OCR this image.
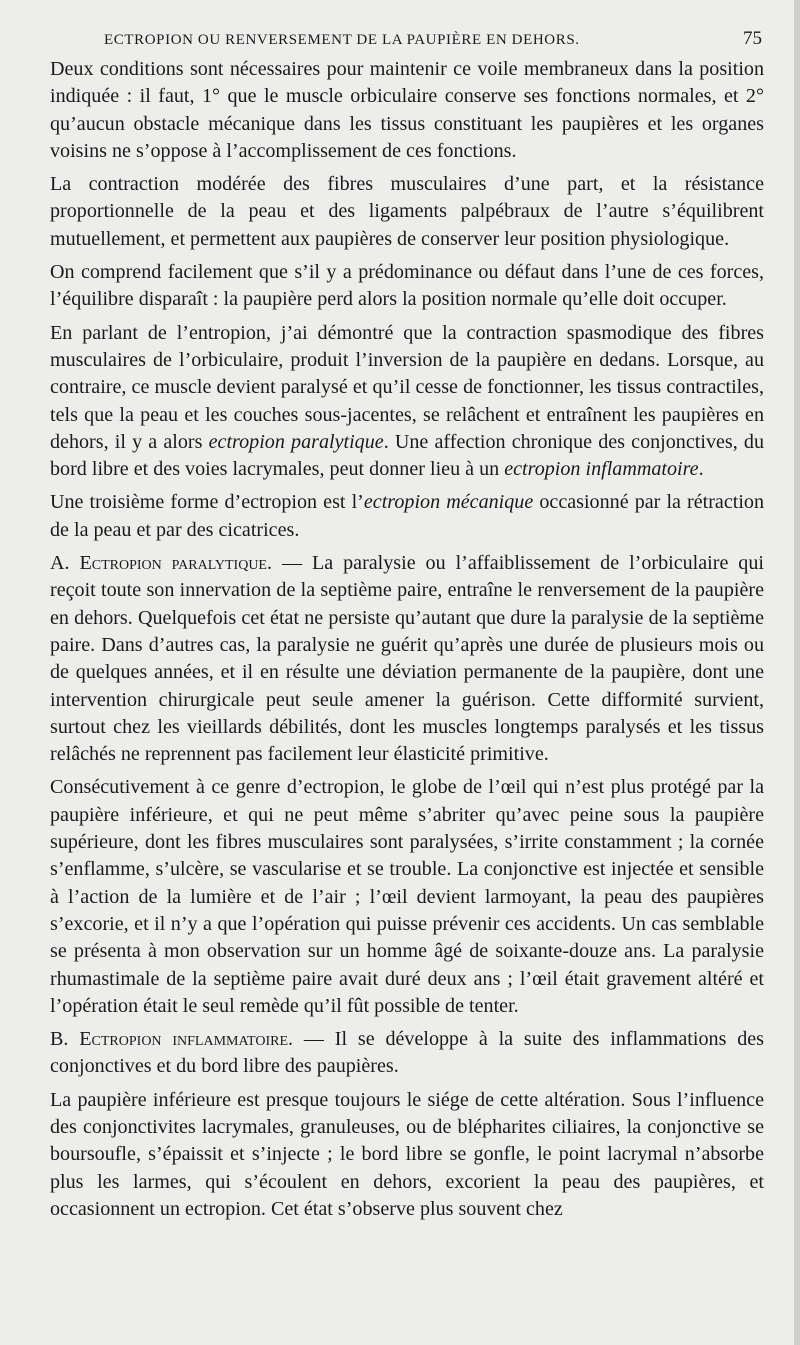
ECTROPION OU RENVERSEMENT DE LA PAUPIÈRE EN DEHORS.	75

Deux conditions sont nécessaires pour maintenir ce voile membraneux dans la position indiquée : il faut, 1° que le muscle orbiculaire conserve ses fonctions normales, et 2° qu’aucun obstacle mécanique dans les tissus constituant les paupières et les organes voisins ne s’oppose à l’accomplissement de ces fonctions.

La contraction modérée des fibres musculaires d’une part, et la résistance proportionnelle de la peau et des ligaments palpébraux de l’autre s’équilibrent mutuellement, et permettent aux paupières de conserver leur position physiologique.

On comprend facilement que s’il y a prédominance ou défaut dans l’une de ces forces, l’équilibre disparaît : la paupière perd alors la position normale qu’elle doit occuper.

En parlant de l’entropion, j’ai démontré que la contraction spasmodique des fibres musculaires de l’orbiculaire, produit l’inversion de la paupière en dedans. Lorsque, au contraire, ce muscle devient paralysé et qu’il cesse de fonctionner, les tissus contractiles, tels que la peau et les couches sous-jacentes, se relâchent et entraînent les paupières en dehors, il y a alors ectropion paralytique. Une affection chronique des conjonctives, du bord libre et des voies lacrymales, peut donner lieu à un ectropion inflammatoire.

Une troisième forme d’ectropion est l’ectropion mécanique occasionné par la rétraction de la peau et par des cicatrices.

A. Ectropion paralytique. — La paralysie ou l’affaiblissement de l’orbiculaire qui reçoit toute son innervation de la septième paire, entraîne le renversement de la paupière en dehors. Quelquefois cet état ne persiste qu’autant que dure la paralysie de la septième paire. Dans d’autres cas, la paralysie ne guérit qu’après une durée de plusieurs mois ou de quelques années, et il en résulte une déviation permanente de la paupière, dont une intervention chirurgicale peut seule amener la guérison. Cette difformité survient, surtout chez les vieillards débilités, dont les muscles longtemps paralysés et les tissus relâchés ne reprennent pas facilement leur élasticité primitive.

Consécutivement à ce genre d’ectropion, le globe de l’œil qui n’est plus protégé par la paupière inférieure, et qui ne peut même s’abriter qu’avec peine sous la paupière supérieure, dont les fibres musculaires sont paralysées, s’irrite constamment ; la cornée s’enflamme, s’ulcère, se vascularise et se trouble. La conjonctive est injectée et sensible à l’action de la lumière et de l’air ; l’œil devient larmoyant, la peau des paupières s’excorie, et il n’y a que l’opération qui puisse prévenir ces accidents. Un cas semblable se présenta à mon observation sur un homme âgé de soixante-douze ans. La paralysie rhumastimale de la septième paire avait duré deux ans ; l’œil était gravement altéré et l’opération était le seul remède qu’il fût possible de tenter.

B. Ectropion inflammatoire. — Il se développe à la suite des inflammations des conjonctives et du bord libre des paupières.

La paupière inférieure est presque toujours le siége de cette altération. Sous l’influence des conjonctivites lacrymales, granuleuses, ou de blépharites ciliaires, la conjonctive se boursoufle, s’épaissit et s’injecte ; le bord libre se gonfle, le point lacrymal n’absorbe plus les larmes, qui s’écoulent en dehors, excorient la peau des paupières, et occasionnent un ectropion. Cet état s’observe plus souvent chez
